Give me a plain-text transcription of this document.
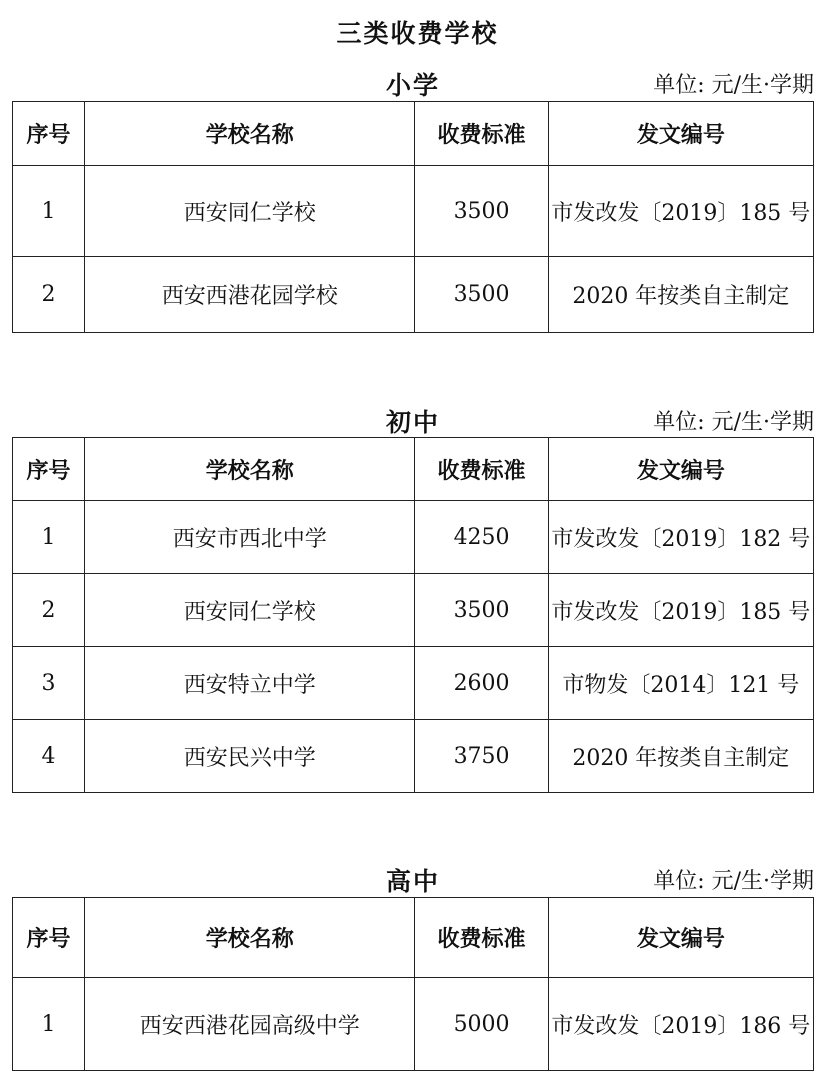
三类收费学校
小学	单位: 元/生·学期
序号	学校名称	收费标准	发文编号
1	西安同仁学校	3500	市发改发〔2019〕185 号
2	西安西港花园学校	3500	2020 年按类自主制定
初中	单位: 元/生·学期
序号	学校名称	收费标准	发文编号
1	西安市西北中学	4250	市发改发〔2019〕182 号
2	西安同仁学校	3500	市发改发〔2019〕185 号
3	西安特立中学	2600	市物发〔2014〕121 号
4	西安民兴中学	3750	2020 年按类自主制定
高中	单位: 元/生·学期
序号	学校名称	收费标准	发文编号
1	西安西港花园高级中学	5000	市发改发〔2019〕186 号
